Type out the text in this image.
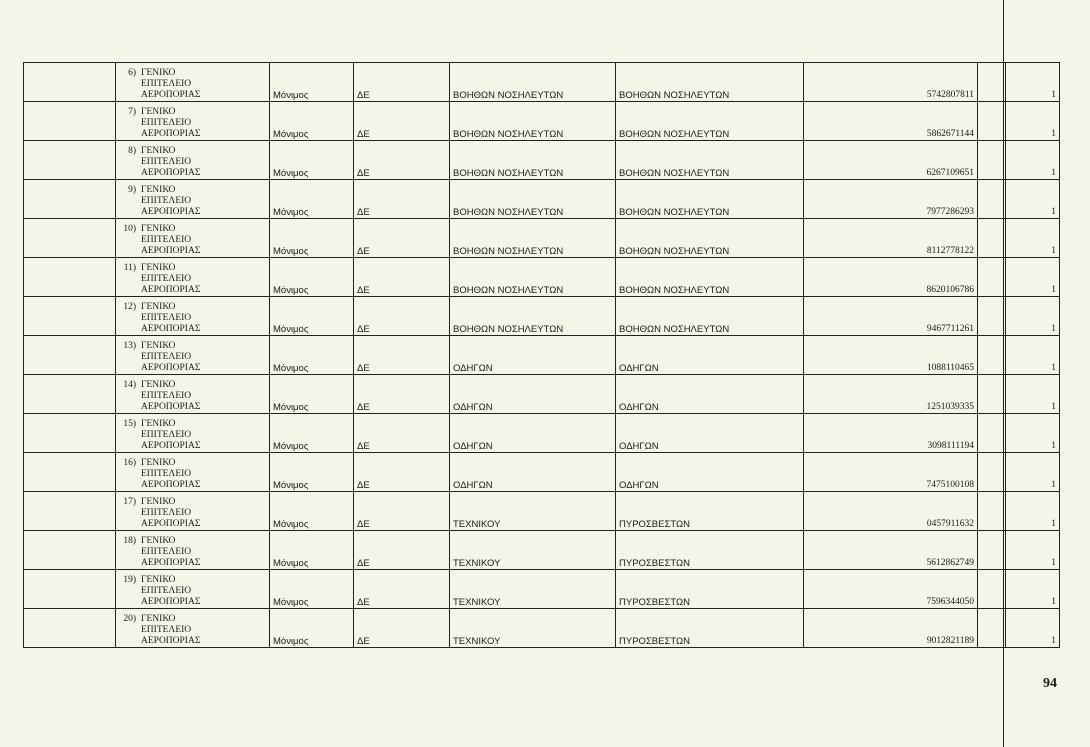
	6) ΓΕΝΙΚΟ
ΕΠΙΤΕΛΕΙΟ
ΑΕΡΟΠΟΡΙΑΣ	Μόνιμος	ΔΕ	ΒΟΗΘΩΝ ΝΟΣΗΛΕΥΤΩΝ	ΒΟΗΘΩΝ ΝΟΣΗΛΕΥΤΩΝ	5742807811		1

	7) ΓΕΝΙΚΟ
ΕΠΙΤΕΛΕΙΟ
ΑΕΡΟΠΟΡΙΑΣ	Μόνιμος	ΔΕ	ΒΟΗΘΩΝ ΝΟΣΗΛΕΥΤΩΝ	ΒΟΗΘΩΝ ΝΟΣΗΛΕΥΤΩΝ	5862671144		1

	8) ΓΕΝΙΚΟ
ΕΠΙΤΕΛΕΙΟ
ΑΕΡΟΠΟΡΙΑΣ	Μόνιμος	ΔΕ	ΒΟΗΘΩΝ ΝΟΣΗΛΕΥΤΩΝ	ΒΟΗΘΩΝ ΝΟΣΗΛΕΥΤΩΝ	6267109651		1

	9) ΓΕΝΙΚΟ
ΕΠΙΤΕΛΕΙΟ
ΑΕΡΟΠΟΡΙΑΣ	Μόνιμος	ΔΕ	ΒΟΗΘΩΝ ΝΟΣΗΛΕΥΤΩΝ	ΒΟΗΘΩΝ ΝΟΣΗΛΕΥΤΩΝ	7977286293		1

	10) ΓΕΝΙΚΟ
ΕΠΙΤΕΛΕΙΟ
ΑΕΡΟΠΟΡΙΑΣ	Μόνιμος	ΔΕ	ΒΟΗΘΩΝ ΝΟΣΗΛΕΥΤΩΝ	ΒΟΗΘΩΝ ΝΟΣΗΛΕΥΤΩΝ	8112778122		1

	11) ΓΕΝΙΚΟ
ΕΠΙΤΕΛΕΙΟ
ΑΕΡΟΠΟΡΙΑΣ	Μόνιμος	ΔΕ	ΒΟΗΘΩΝ ΝΟΣΗΛΕΥΤΩΝ	ΒΟΗΘΩΝ ΝΟΣΗΛΕΥΤΩΝ	8620106786		1

	12) ΓΕΝΙΚΟ
ΕΠΙΤΕΛΕΙΟ
ΑΕΡΟΠΟΡΙΑΣ	Μόνιμος	ΔΕ	ΒΟΗΘΩΝ ΝΟΣΗΛΕΥΤΩΝ	ΒΟΗΘΩΝ ΝΟΣΗΛΕΥΤΩΝ	9467711261		1

	13) ΓΕΝΙΚΟ
ΕΠΙΤΕΛΕΙΟ
ΑΕΡΟΠΟΡΙΑΣ	Μόνιμος	ΔΕ	ΟΔΗΓΩΝ	ΟΔΗΓΩΝ	1088110465		1

	14) ΓΕΝΙΚΟ
ΕΠΙΤΕΛΕΙΟ
ΑΕΡΟΠΟΡΙΑΣ	Μόνιμος	ΔΕ	ΟΔΗΓΩΝ	ΟΔΗΓΩΝ	1251039335		1

	15) ΓΕΝΙΚΟ
ΕΠΙΤΕΛΕΙΟ
ΑΕΡΟΠΟΡΙΑΣ	Μόνιμος	ΔΕ	ΟΔΗΓΩΝ	ΟΔΗΓΩΝ	3098111194		1

	16) ΓΕΝΙΚΟ
ΕΠΙΤΕΛΕΙΟ
ΑΕΡΟΠΟΡΙΑΣ	Μόνιμος	ΔΕ	ΟΔΗΓΩΝ	ΟΔΗΓΩΝ	7475100108		1

	17) ΓΕΝΙΚΟ
ΕΠΙΤΕΛΕΙΟ
ΑΕΡΟΠΟΡΙΑΣ	Μόνιμος	ΔΕ	ΤΕΧΝΙΚΟΥ	ΠΥΡΟΣΒΕΣΤΩΝ	0457911632		1

	18) ΓΕΝΙΚΟ
ΕΠΙΤΕΛΕΙΟ
ΑΕΡΟΠΟΡΙΑΣ	Μόνιμος	ΔΕ	ΤΕΧΝΙΚΟΥ	ΠΥΡΟΣΒΕΣΤΩΝ	5612862749		1

	19) ΓΕΝΙΚΟ
ΕΠΙΤΕΛΕΙΟ
ΑΕΡΟΠΟΡΙΑΣ	Μόνιμος	ΔΕ	ΤΕΧΝΙΚΟΥ	ΠΥΡΟΣΒΕΣΤΩΝ	7596344050		1

	20) ΓΕΝΙΚΟ
ΕΠΙΤΕΛΕΙΟ
ΑΕΡΟΠΟΡΙΑΣ	Μόνιμος	ΔΕ	ΤΕΧΝΙΚΟΥ	ΠΥΡΟΣΒΕΣΤΩΝ	9012821189		1
94
